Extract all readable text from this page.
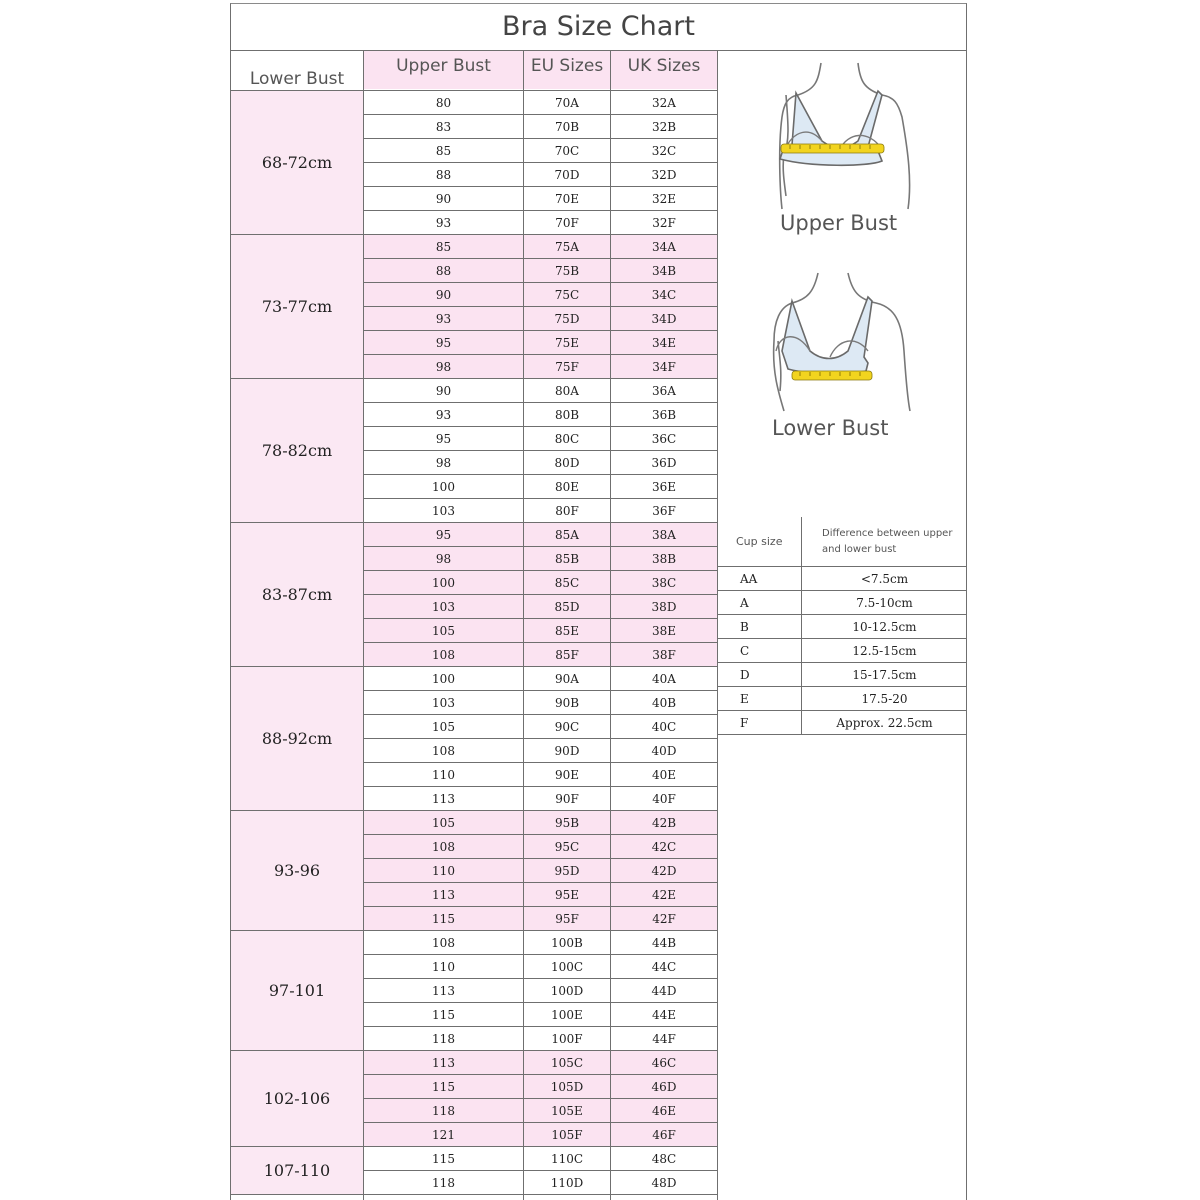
Bra Size Chart
Lower Bust
Upper Bust	EU Sizes	UK Sizes
Upper Bust
Lower Bust
Cup size
Difference between upper
and lower bust
AA	<7.5cm
A	7.5-10cm
B	10-12.5cm
C	12.5-15cm
D	15-17.5cm
E	17.5-20
F	Approx. 22.5cm
68-72cm
80	70A	32A
83	70B	32B
85	70C	32C
88	70D	32D
90	70E	32E
93	70F	32F
73-77cm
85	75A	34A
88	75B	34B
90	75C	34C
93	75D	34D
95	75E	34E
98	75F	34F
78-82cm
90	80A	36A
93	80B	36B
95	80C	36C
98	80D	36D
100	80E	36E
103	80F	36F
83-87cm
95	85A	38A
98	85B	38B
100	85C	38C
103	85D	38D
105	85E	38E
108	85F	38F
88-92cm
100	90A	40A
103	90B	40B
105	90C	40C
108	90D	40D
110	90E	40E
113	90F	40F
93-96
105	95B	42B
108	95C	42C
110	95D	42D
113	95E	42E
115	95F	42F
97-101
108	100B	44B
110	100C	44C
113	100D	44D
115	100E	44E
118	100F	44F
102-106
113	105C	46C
115	105D	46D
118	105E	46E
121	105F	46F
107-110
115	110C	48C
118	110D	48D
